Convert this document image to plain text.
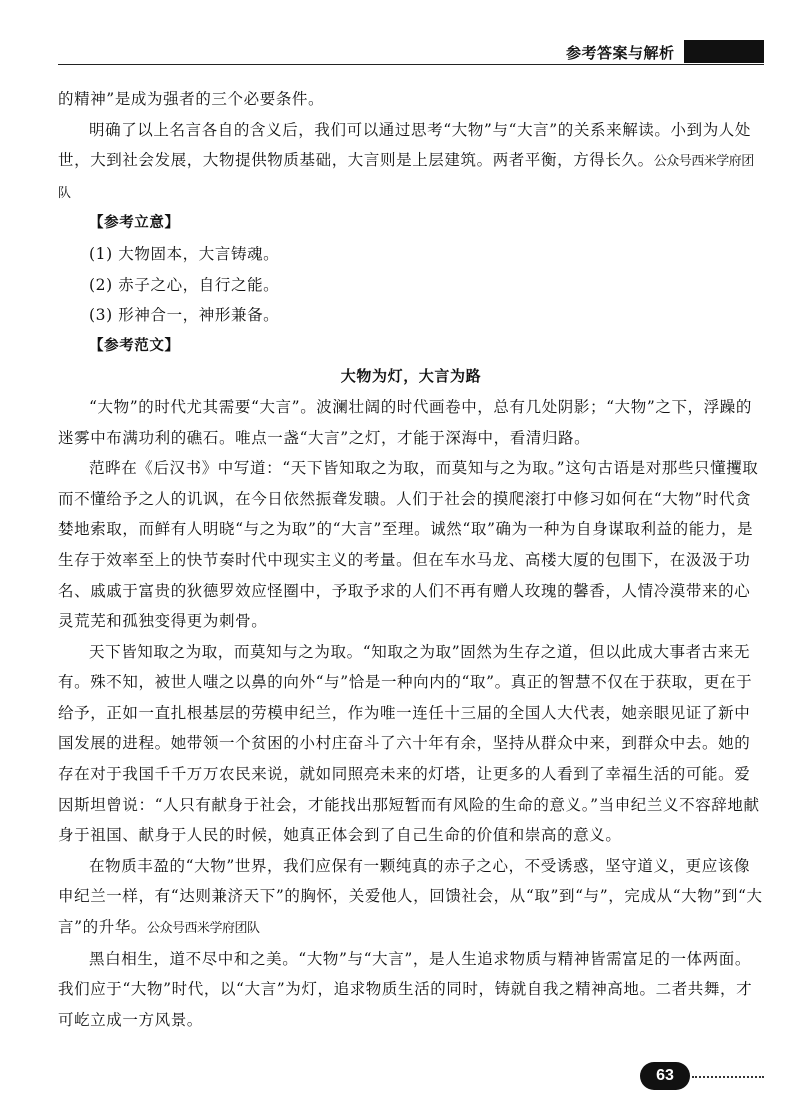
参考答案与解析

的精神”是成为强者的三个必要条件。

明确了以上名言各自的含义后，我们可以通过思考“大物”与“大言”的关系来解读。小到为人处世，大到社会发展，大物提供物质基础，大言则是上层建筑。两者平衡，方得长久。公众号西米学府团队

【参考立意】

(1) 大物固本，大言铸魂。

(2) 赤子之心，自行之能。

(3) 形神合一，神形兼备。

【参考范文】

大物为灯，大言为路

“大物”的时代尤其需要“大言”。波澜壮阔的时代画卷中，总有几处阴影；“大物”之下，浮躁的迷雾中布满功利的礁石。唯点一盏“大言”之灯，才能于深海中，看清归路。

范晔在《后汉书》中写道：“天下皆知取之为取，而莫知与之为取。”这句古语是对那些只懂攫取而不懂给予之人的讥讽，在今日依然振聋发聩。人们于社会的摸爬滚打中修习如何在“大物”时代贪婪地索取，而鲜有人明晓“与之为取”的“大言”至理。诚然“取”确为一种为自身谋取利益的能力，是生存于效率至上的快节奏时代中现实主义的考量。但在车水马龙、高楼大厦的包围下，在汲汲于功名、戚戚于富贵的狄德罗效应怪圈中，予取予求的人们不再有赠人玫瑰的馨香，人情冷漠带来的心灵荒芜和孤独变得更为刺骨。

天下皆知取之为取，而莫知与之为取。“知取之为取”固然为生存之道，但以此成大事者古来无有。殊不知，被世人嗤之以鼻的向外“与”恰是一种向内的“取”。真正的智慧不仅在于获取，更在于给予，正如一直扎根基层的劳模申纪兰，作为唯一连任十三届的全国人大代表，她亲眼见证了新中国发展的进程。她带领一个贫困的小村庄奋斗了六十年有余，坚持从群众中来，到群众中去。她的存在对于我国千千万万农民来说，就如同照亮未来的灯塔，让更多的人看到了幸福生活的可能。爱因斯坦曾说：“人只有献身于社会，才能找出那短暂而有风险的生命的意义。”当申纪兰义不容辞地献身于祖国、献身于人民的时候，她真正体会到了自己生命的价值和崇高的意义。

在物质丰盈的“大物”世界，我们应保有一颗纯真的赤子之心，不受诱惑，坚守道义，更应该像申纪兰一样，有“达则兼济天下”的胸怀，关爱他人，回馈社会，从“取”到“与”，完成从“大物”到“大言”的升华。公众号西米学府团队

黑白相生，道不尽中和之美。“大物”与“大言”，是人生追求物质与精神皆需富足的一体两面。我们应于“大物”时代，以“大言”为灯，追求物质生活的同时，铸就自我之精神高地。二者共舞，才可屹立成一方风景。

63
